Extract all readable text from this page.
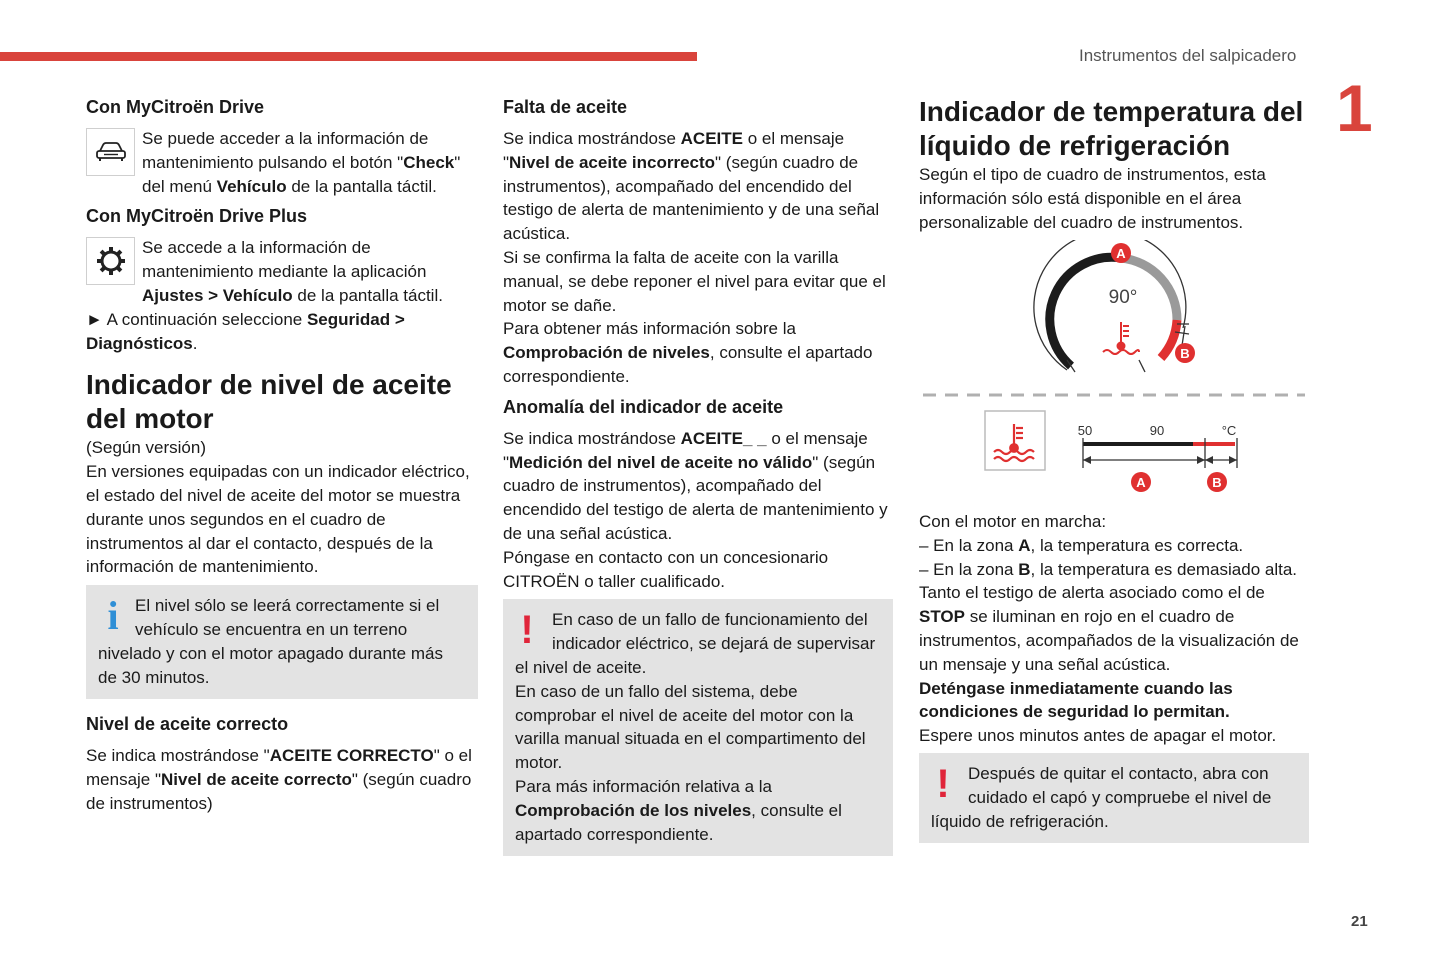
Instrumentos del salpicadero
1
21
Con MyCitroën Drive

Se puede acceder a la información de mantenimiento pulsando el botón "Check" del menú Vehículo de la pantalla táctil.

Con MyCitroën Drive Plus

Se accede a la información de mantenimiento mediante la aplicación Ajustes > Vehículo de la pantalla táctil.

► A continuación seleccione Seguridad > Diagnósticos.

Indicador de nivel de aceite del motor

(Según versión)

En versiones equipadas con un indicador eléctrico, el estado del nivel de aceite del motor se muestra durante unos segundos en el cuadro de instrumentos al dar el contacto, después de la información de mantenimiento.

i El nivel sólo se leerá correctamente si el vehículo se encuentra en un terreno nivelado y con el motor apagado durante más de 30 minutos.

Nivel de aceite correcto

Se indica mostrándose "ACEITE CORRECTO" o el mensaje "Nivel de aceite correcto" (según cuadro de instrumentos)

Falta de aceite

Se indica mostrándose ACEITE o el mensaje "Nivel de aceite incorrecto" (según cuadro de instrumentos), acompañado del encendido del testigo de alerta de mantenimiento y de una señal acústica.

Si se confirma la falta de aceite con la varilla manual, se debe reponer el nivel para evitar que el motor se dañe.

Para obtener más información sobre la Comprobación de niveles, consulte el apartado correspondiente.

Anomalía del indicador de aceite

Se indica mostrándose ACEITE_ _ o el mensaje "Medición del nivel de aceite no válido" (según cuadro de instrumentos), acompañado del encendido del testigo de alerta de mantenimiento y de una señal acústica.

Póngase en contacto con un concesionario CITROËN o taller cualificado.

!	En caso de un fallo de funcionamiento del indicador eléctrico, se dejará de supervisar el nivel de aceite.

En caso de un fallo del sistema, debe comprobar el nivel de aceite del motor con la varilla manual situada en el compartimento del motor.

Para más información relativa a la Comprobación de los niveles, consulte el apartado correspondiente.

Indicador de temperatura del líquido de refrigeración

Según el tipo de cuadro de instrumentos, esta información sólo está disponible en el área personalizable del cuadro de instrumentos.

90°
A
B
50	90	°C
A	B

Con el motor en marcha:

– En la zona A, la temperatura es correcta.

– En la zona B, la temperatura es demasiado alta. Tanto el testigo de alerta asociado como el de STOP se iluminan en rojo en el cuadro de instrumentos, acompañados de la visualización de un mensaje y una señal acústica.

Deténgase inmediatamente cuando las condiciones de seguridad lo permitan.

Espere unos minutos antes de apagar el motor.

!	Después de quitar el contacto, abra con cuidado el capó y compruebe el nivel de líquido de refrigeración.
